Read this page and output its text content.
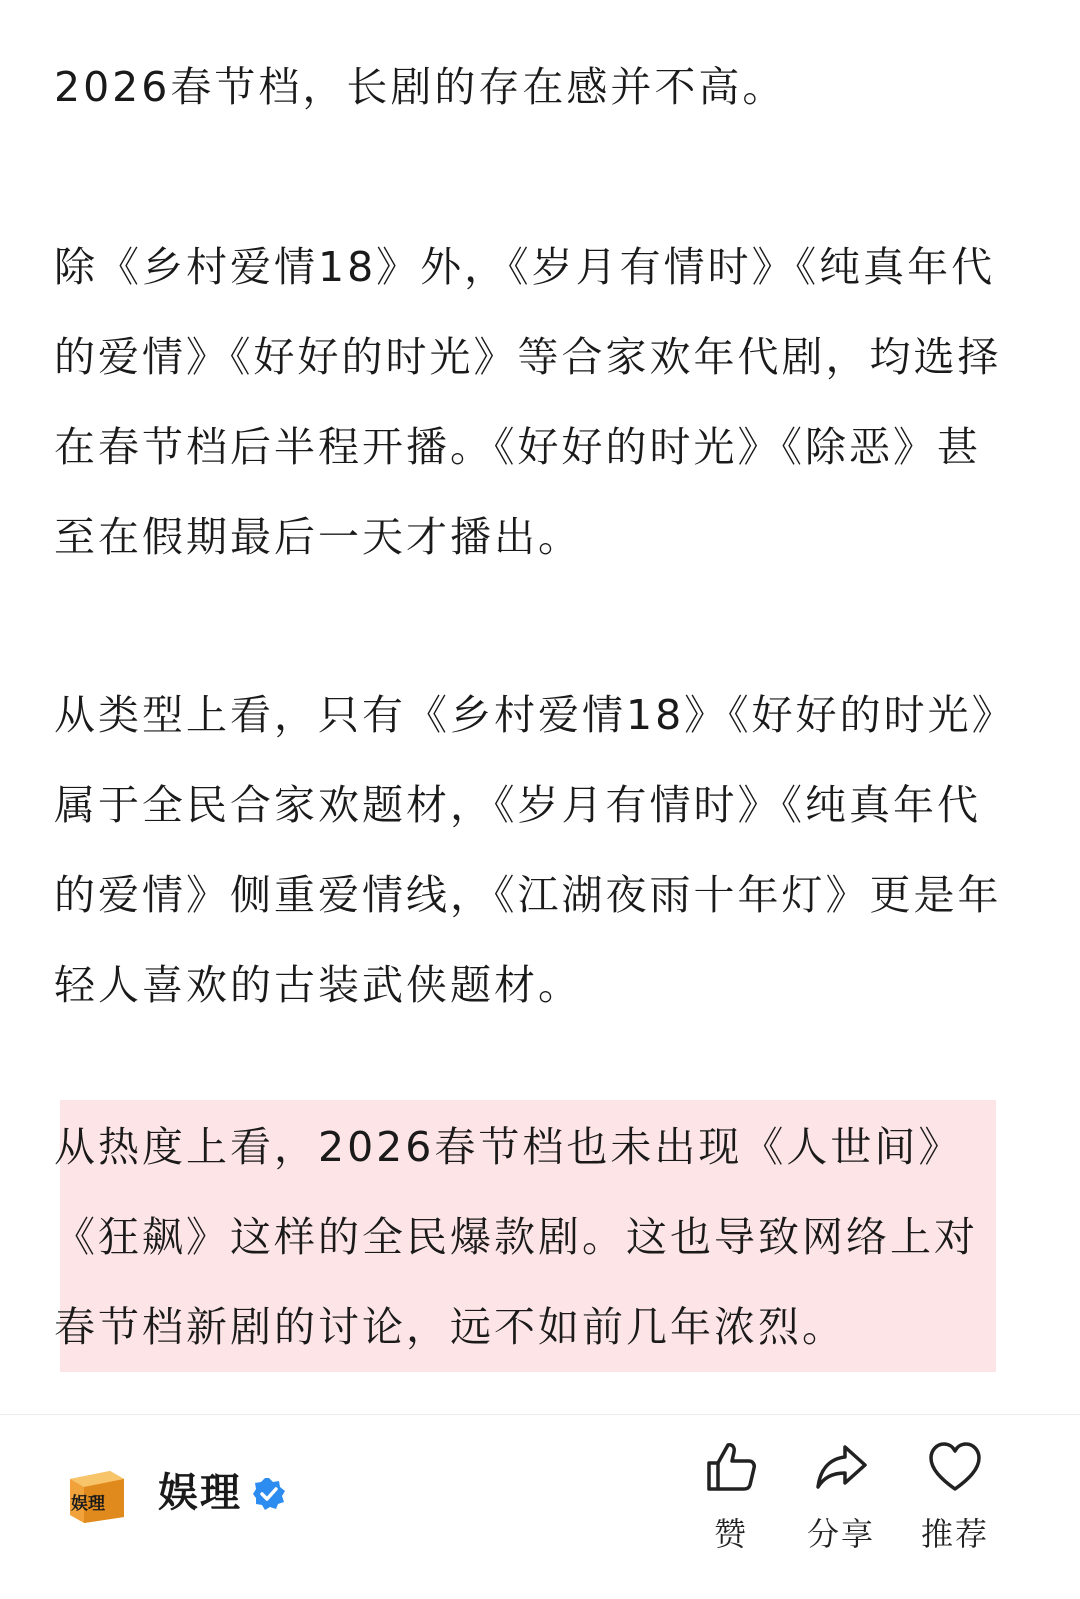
2026春节档，长剧的存在感并不高。

除《乡村爱情18》外，《岁月有情时》《纯真年代的爱情》《好好的时光》等合家欢年代剧，均选择在春节档后半程开播。《好好的时光》《除恶》甚至在假期最后一天才播出。

从类型上看，只有《乡村爱情18》《好好的时光》属于全民合家欢题材，《岁月有情时》《纯真年代的爱情》侧重爱情线，《江湖夜雨十年灯》更是年轻人喜欢的古装武侠题材。

从热度上看，2026春节档也未出现《人世间》《狂飙》这样的全民爆款剧。这也导致网络上对春节档新剧的讨论，远不如前几年浓烈。

娱理 娱理
赞	分享	推荐
